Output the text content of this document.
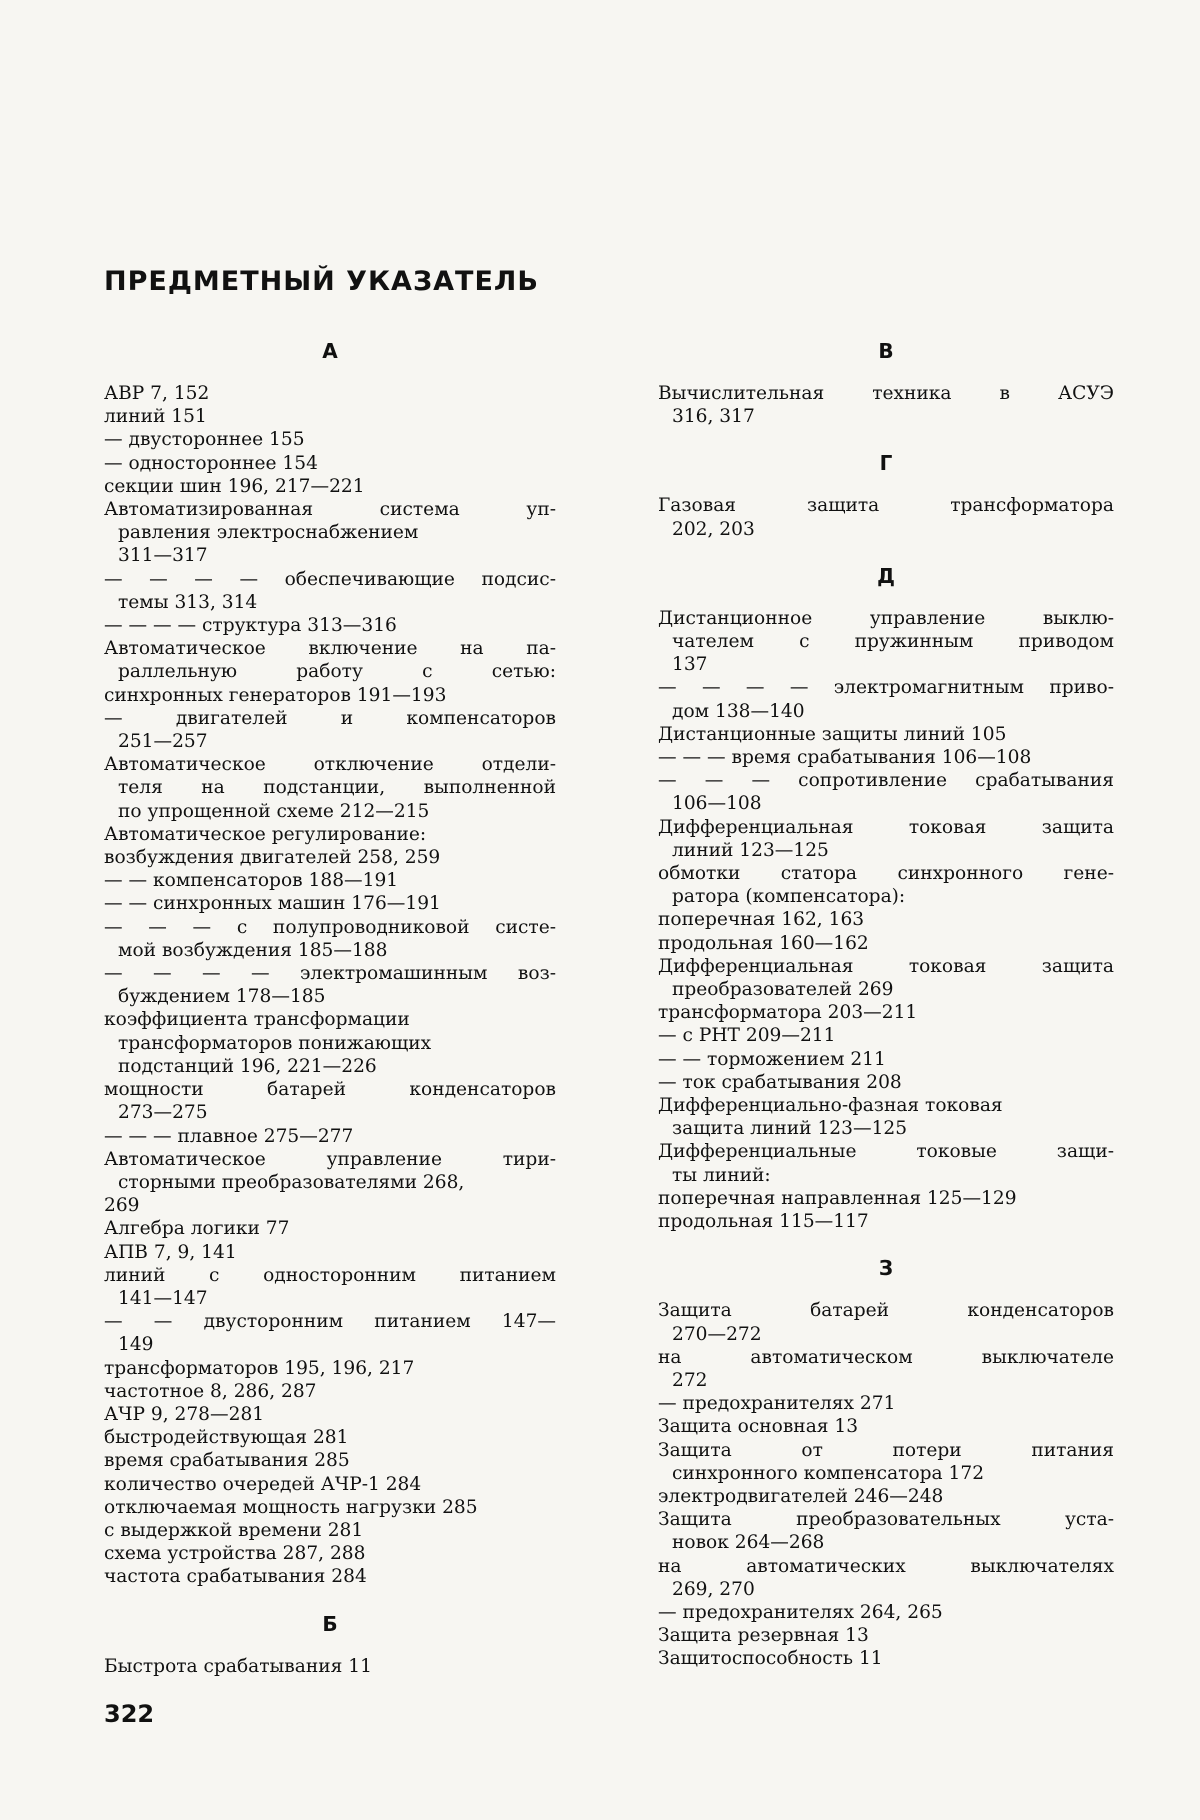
ПРЕДМЕТНЫЙ УКАЗАТЕЛЬ
А
АВР 7, 152
линий 151
— двустороннее 155
— одностороннее 154
секции шин 196, 217—221
Автоматизированная система уп-
равления электроснабжением
311—317
— — — — обеспечивающие подсис-
темы 313, 314
— — — — структура 313—316
Автоматическое включение на па-
раллельную работу с сетью:
синхронных генераторов 191—193
— двигателей и компенсаторов
251—257
Автоматическое отключение отдели-
теля на подстанции, выполненной
по упрощенной схеме 212—215
Автоматическое регулирование:
возбуждения двигателей 258, 259
— — компенсаторов 188—191
— — синхронных машин 176—191
— — — с полупроводниковой систе-
мой возбуждения 185—188
— — — — электромашинным воз-
буждением 178—185
коэффициента трансформации
трансформаторов понижающих
подстанций 196, 221—226
мощности батарей конденсаторов
273—275
— — — плавное 275—277
Автоматическое управление тири-
сторными преобразователями 268,
269
Алгебра логики 77
АПВ 7, 9, 141
линий с односторонним питанием
141—147
— — двусторонним питанием 147—
149
трансформаторов 195, 196, 217
частотное 8, 286, 287
АЧР 9, 278—281
быстродействующая 281
время срабатывания 285
количество очередей АЧР-1 284
отключаемая мощность нагрузки 285
с выдержкой времени 281
схема устройства 287, 288
частота срабатывания 284
Б
Быстрота срабатывания 11
В
Вычислительная техника в АСУЭ
316, 317
Г
Газовая защита трансформатора
202, 203
Д
Дистанционное управление выклю-
чателем с пружинным приводом
137
— — — — электромагнитным приво-
дом 138—140
Дистанционные защиты линий 105
— — — время срабатывания 106—108
— — — сопротивление срабатывания
106—108
Дифференциальная токовая защита
линий 123—125
обмотки статора синхронного гене-
ратора (компенсатора):
поперечная 162, 163
продольная 160—162
Дифференциальная токовая защита
преобразователей 269
трансформатора 203—211
— с РНТ 209—211
— — торможением 211
— ток срабатывания 208
Дифференциально-фазная токовая
защита линий 123—125
Дифференциальные токовые защи-
ты линий:
поперечная направленная 125—129
продольная 115—117
З
Защита батарей конденсаторов
270—272
на автоматическом выключателе
272
— предохранителях 271
Защита основная 13
Защита от потери питания
синхронного компенсатора 172
электродвигателей 246—248
Защита преобразовательных уста-
новок 264—268
на автоматических выключателях
269, 270
— предохранителях 264, 265
Защита резервная 13
Защитоспособность 11
322
